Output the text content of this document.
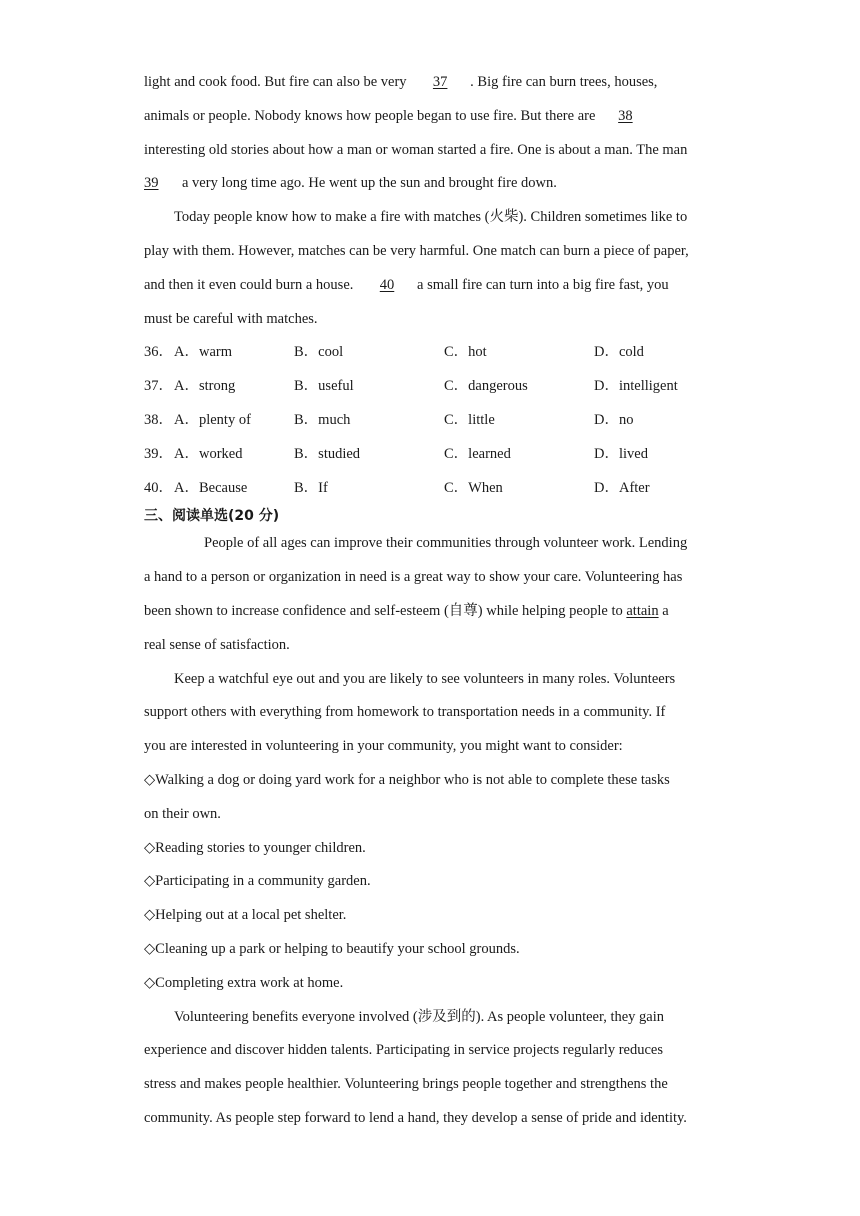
light and cook food. But fire can also be very 37 . Big fire can burn trees, houses,
animals or people. Nobody knows how people began to use fire. But there are 38
interesting old stories about how a man or woman started a fire. One is about a man. The man
39 a very long time ago. He went up the sun and brought fire down.
Today people know how to make a fire with matches (火柴). Children sometimes like to
play with them. However, matches can be very harmful. One match can burn a piece of paper,
and then it even could burn a house. 40 a small fire can turn into a big fire fast, you
must be careful with matches.
36． A．warm	B．cool	C．hot	D．cold
37． A．strong	B．useful	C．dangerous	D．intelligent
38． A．plenty of	B．much	C．little	D．no
39． A．worked	B．studied	C．learned	D．lived
40． A．Because	B．If	C．When	D．After
三、阅读单选(20 分)
People of all ages can improve their communities through volunteer work. Lending
a hand to a person or organization in need is a great way to show your care. Volunteering has
been shown to increase confidence and self-esteem (自尊) while helping people to attain a
real sense of satisfaction.
Keep a watchful eye out and you are likely to see volunteers in many roles. Volunteers
support others with everything from homework to transportation needs in a community. If
you are interested in volunteering in your community, you might want to consider:
◇Walking a dog or doing yard work for a neighbor who is not able to complete these tasks
on their own.
◇Reading stories to younger children.
◇Participating in a community garden.
◇Helping out at a local pet shelter.
◇Cleaning up a park or helping to beautify your school grounds.
◇Completing extra work at home.
Volunteering benefits everyone involved (涉及到的). As people volunteer, they gain
experience and discover hidden talents. Participating in service projects regularly reduces
stress and makes people healthier. Volunteering brings people together and strengthens the
community. As people step forward to lend a hand, they develop a sense of pride and identity.
